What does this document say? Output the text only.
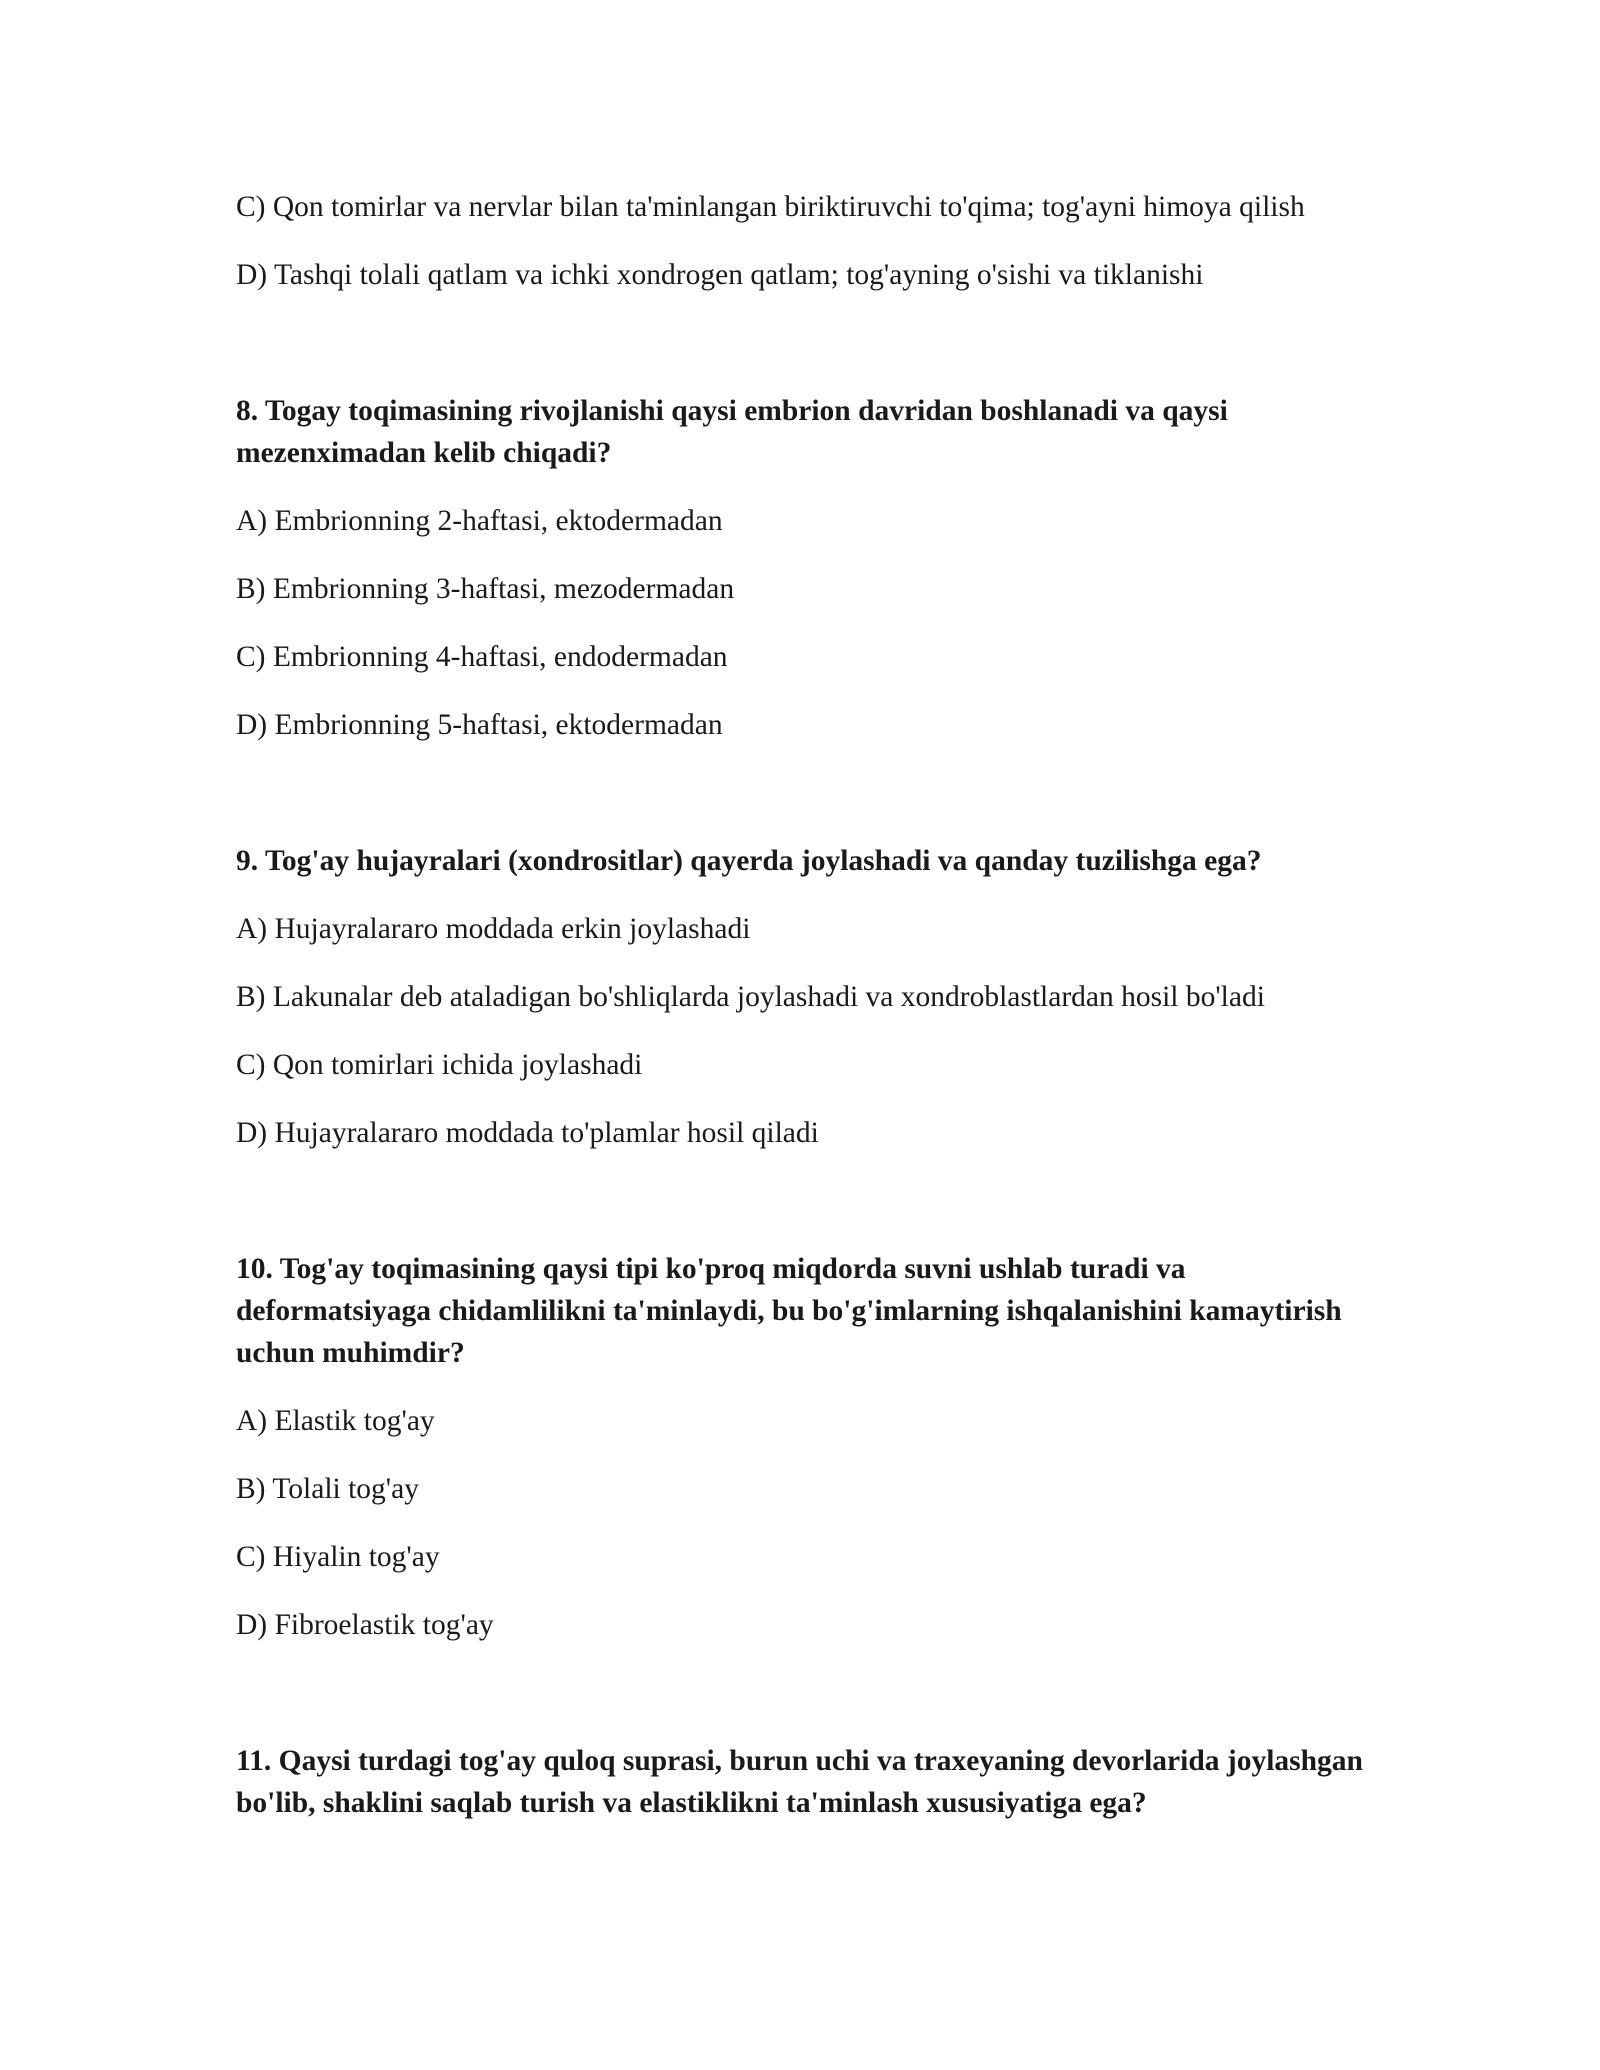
C) Qon tomirlar va nervlar bilan ta'minlangan biriktiruvchi to'qima; tog'ayni himoya qilish

D) Tashqi tolali qatlam va ichki xondrogen qatlam; tog'ayning o'sishi va tiklanishi

8. Togay toqimasining rivojlanishi qaysi embrion davridan boshlanadi va qaysi mezenximadan kelib chiqadi?

A) Embrionning 2-haftasi, ektodermadan

B) Embrionning 3-haftasi, mezodermadan

C) Embrionning 4-haftasi, endodermadan

D) Embrionning 5-haftasi, ektodermadan

9. Tog'ay hujayralari (xondrositlar) qayerda joylashadi va qanday tuzilishga ega?

A) Hujayralararo moddada erkin joylashadi

B) Lakunalar deb ataladigan bo'shliqlarda joylashadi va xondroblastlardan hosil bo'ladi

C) Qon tomirlari ichida joylashadi

D) Hujayralararo moddada to'plamlar hosil qiladi

10. Tog'ay toqimasining qaysi tipi ko'proq miqdorda suvni ushlab turadi va deformatsiyaga chidamlilikni ta'minlaydi, bu bo'g'imlarning ishqalanishini kamaytirish uchun muhimdir?

A) Elastik tog'ay

B) Tolali tog'ay

C) Hiyalin tog'ay

D) Fibroelastik tog'ay

11. Qaysi turdagi tog'ay quloq suprasi, burun uchi va traxeyaning devorlarida joylashgan bo'lib, shaklini saqlab turish va elastiklikni ta'minlash xususiyatiga ega?
